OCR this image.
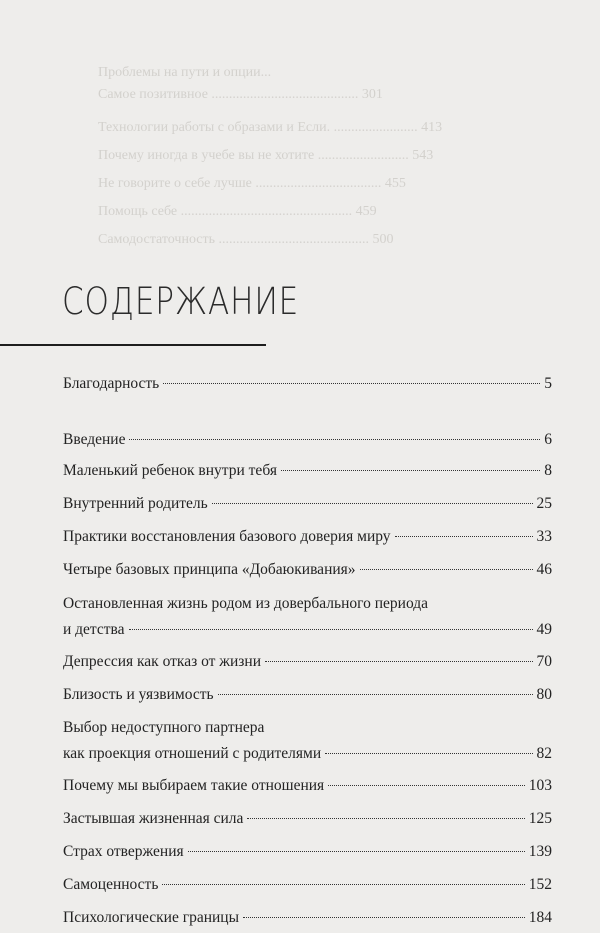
Проблемы на пути и опции...
Самое позитивное .......................................... 301
Технологии работы с образами и Если. ........................ 413
Почему иногда в учебе вы не хотите .......................... 543
Не говорите о себе лучше .................................... 455
Помощь себе ................................................. 459
Самодостаточность ........................................... 500
СОДЕРЖАНИЕ
Благодарность	5
Введение	6
Маленький ребенок внутри тебя	8
Внутренний родитель	25
Практики восстановления базового доверия миру	33
Четыре базовых принципа «Добаюкивания»	46
Остановленная жизнь родом из довербального периода
и детства	49
Депрессия как отказ от жизни	70
Близость и уязвимость	80
Выбор недоступного партнера
как проекция отношений с родителями	82
Почему мы выбираем такие отношения	103
Застывшая жизненная сила	125
Страх отвержения	139
Самоценность	152
Психологические границы	184
